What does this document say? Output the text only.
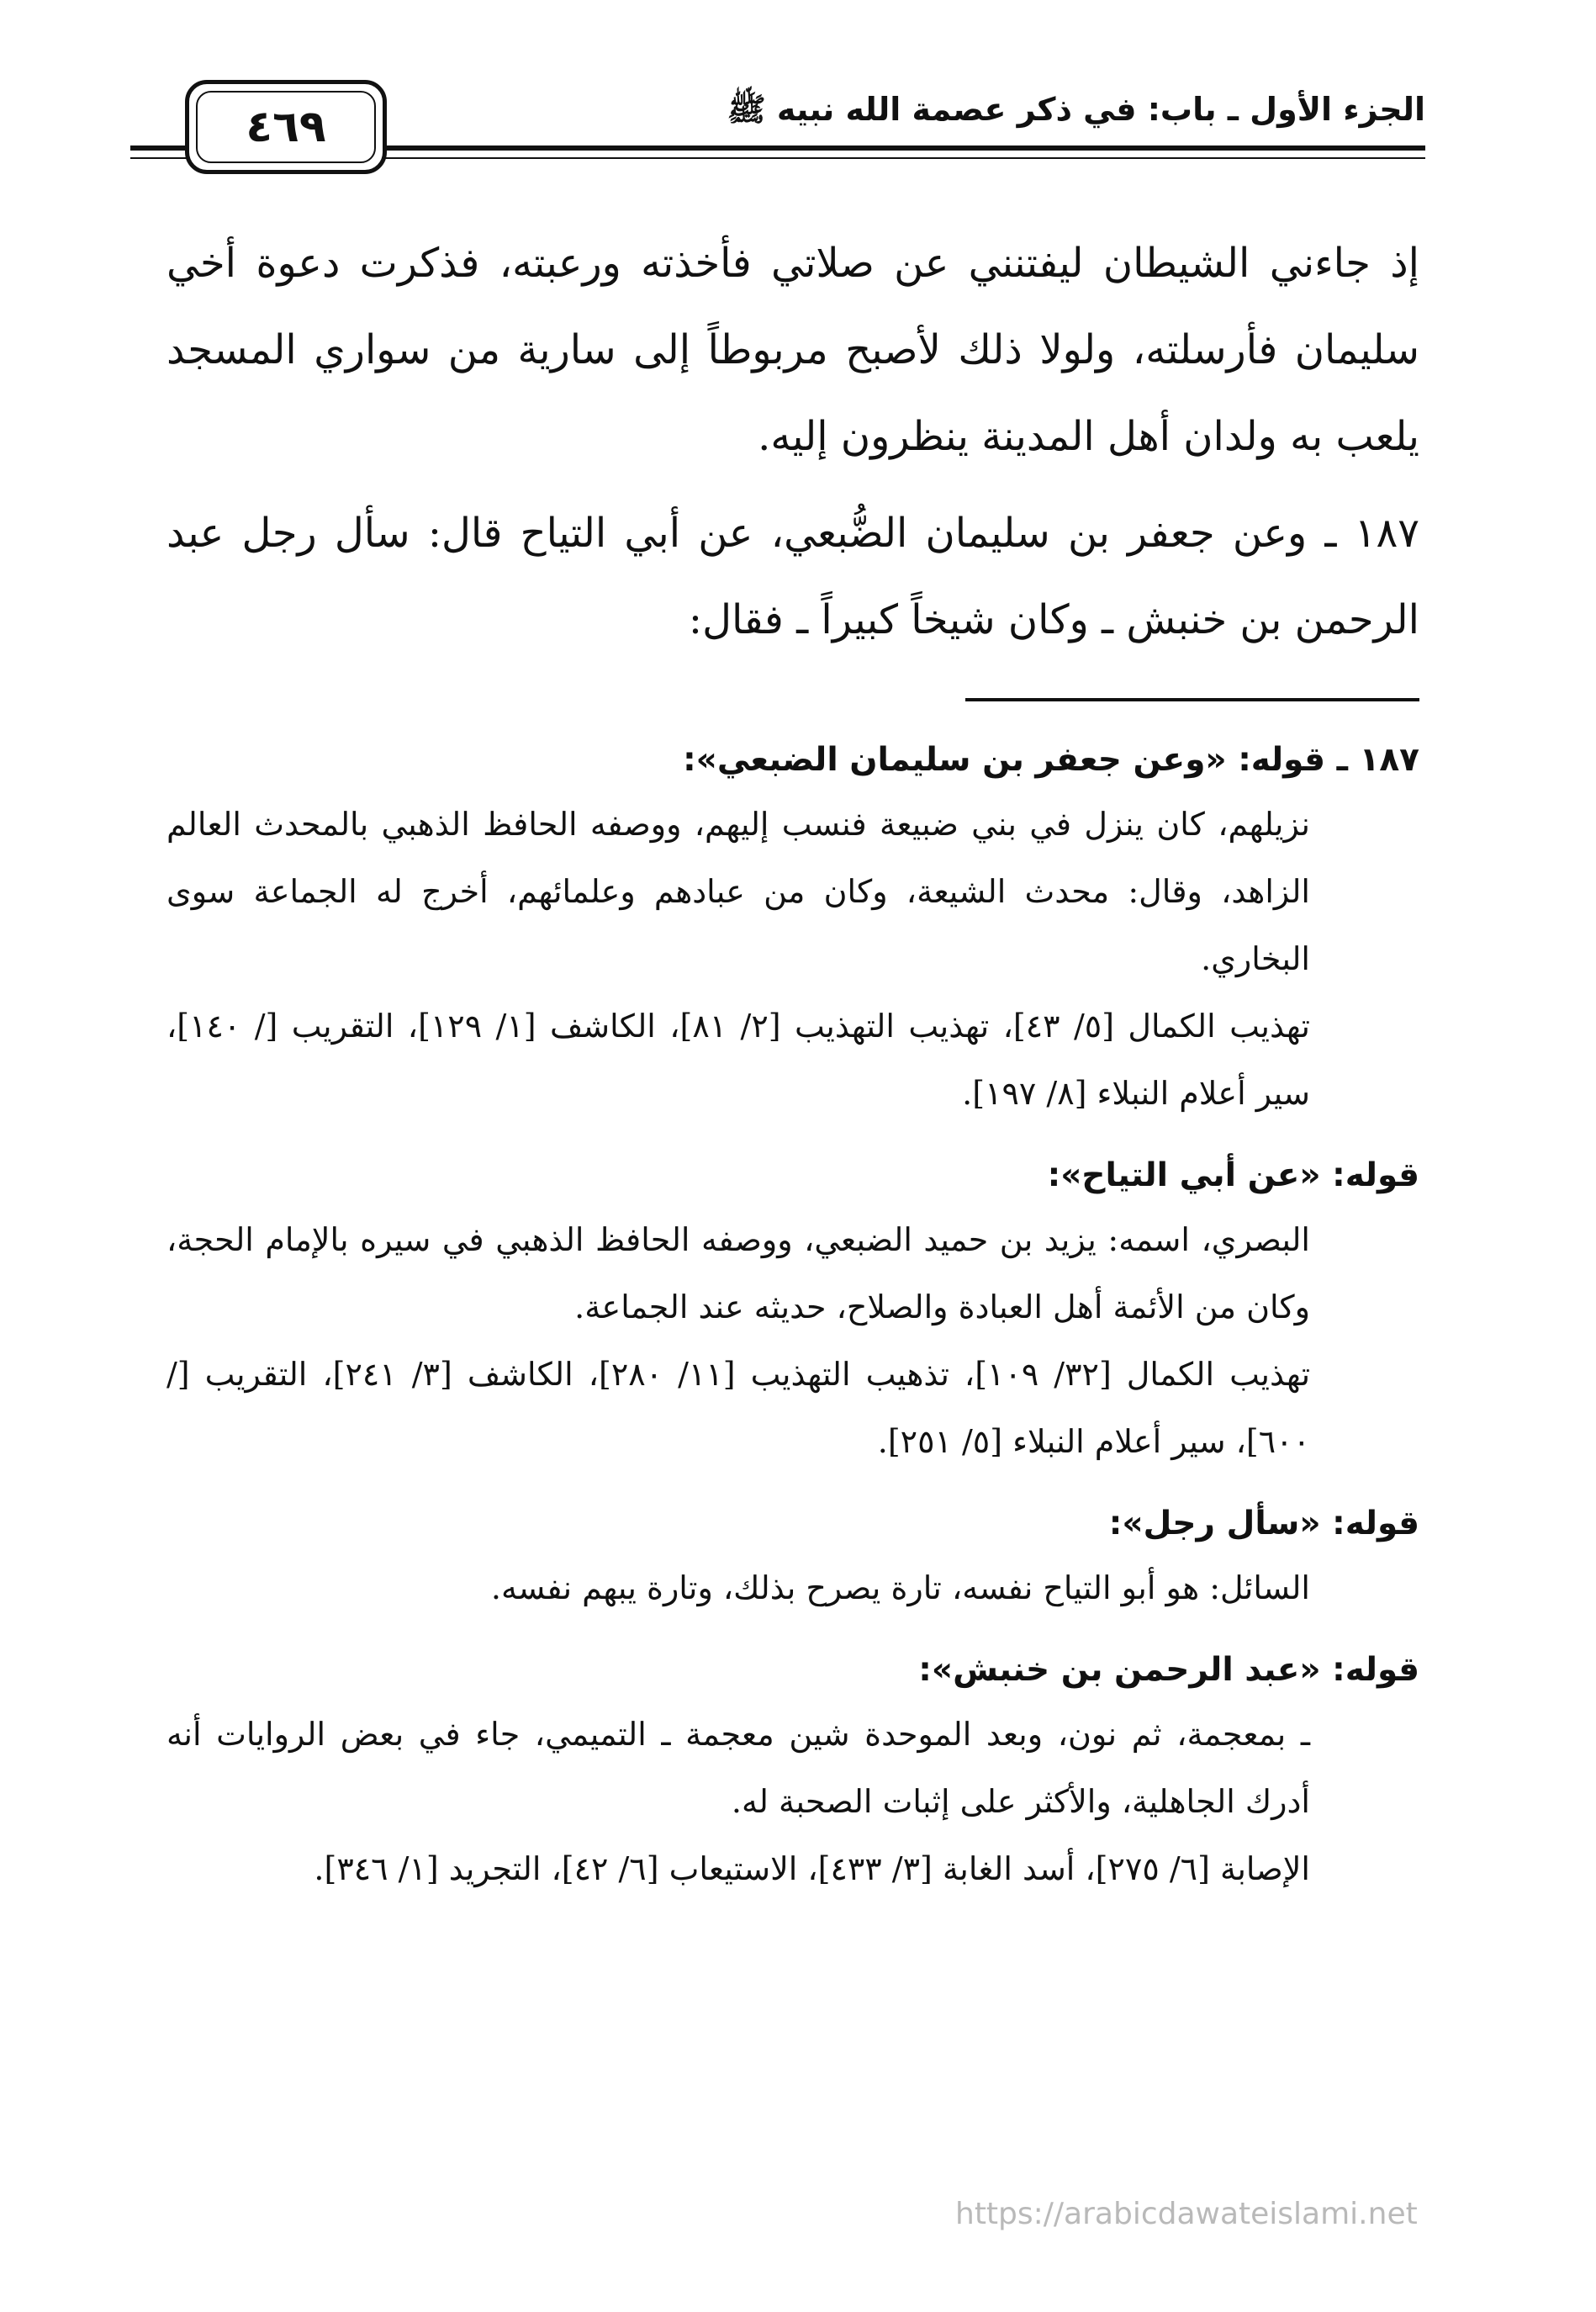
الجزء الأول ـ باب: في ذكر عصمة الله نبيه ﷺ
٤٦٩

إذ جاءني الشيطان ليفتنني عن صلاتي فأخذته ورعبته، فذكرت دعوة أخي سليمان فأرسلته، ولولا ذلك لأصبح مربوطاً إلى سارية من سواري المسجد يلعب به ولدان أهل المدينة ينظرون إليه.

١٨٧ ـ وعن جعفر بن سليمان الضُّبعي، عن أبي التياح قال: سأل رجل عبد الرحمن بن خنبش ـ وكان شيخاً كبيراً ـ فقال:

١٨٧ ـ قوله: «وعن جعفر بن سليمان الضبعي»:

نزيلهم، كان ينزل في بني ضبيعة فنسب إليهم، ووصفه الحافظ الذهبي بالمحدث العالم الزاهد، وقال: محدث الشيعة، وكان من عبادهم وعلمائهم، أخرج له الجماعة سوى البخاري.

تهذيب الكمال [٥/ ٤٣]، تهذيب التهذيب [٢/ ٨١]، الكاشف [١/ ١٢٩]، التقريب [/ ١٤٠]، سير أعلام النبلاء [٨/ ١٩٧].

قوله: «عن أبي التياح»:

البصري، اسمه: يزيد بن حميد الضبعي، ووصفه الحافظ الذهبي في سيره بالإمام الحجة، وكان من الأئمة أهل العبادة والصلاح، حديثه عند الجماعة.

تهذيب الكمال [٣٢/ ١٠٩]، تذهيب التهذيب [١١/ ٢٨٠]، الكاشف [٣/ ٢٤١]، التقريب [/ ٦٠٠]، سير أعلام النبلاء [٥/ ٢٥١].

قوله: «سأل رجل»:

السائل: هو أبو التياح نفسه، تارة يصرح بذلك، وتارة يبهم نفسه.

قوله: «عبد الرحمن بن خنبش»:

ـ بمعجمة، ثم نون، وبعد الموحدة شين معجمة ـ التميمي، جاء في بعض الروايات أنه أدرك الجاهلية، والأكثر على إثبات الصحبة له.

الإصابة [٦/ ٢٧٥]، أسد الغابة [٣/ ٤٣٣]، الاستيعاب [٦/ ٤٢]، التجريد [١/ ٣٤٦].

https://arabicdawateislami.net
